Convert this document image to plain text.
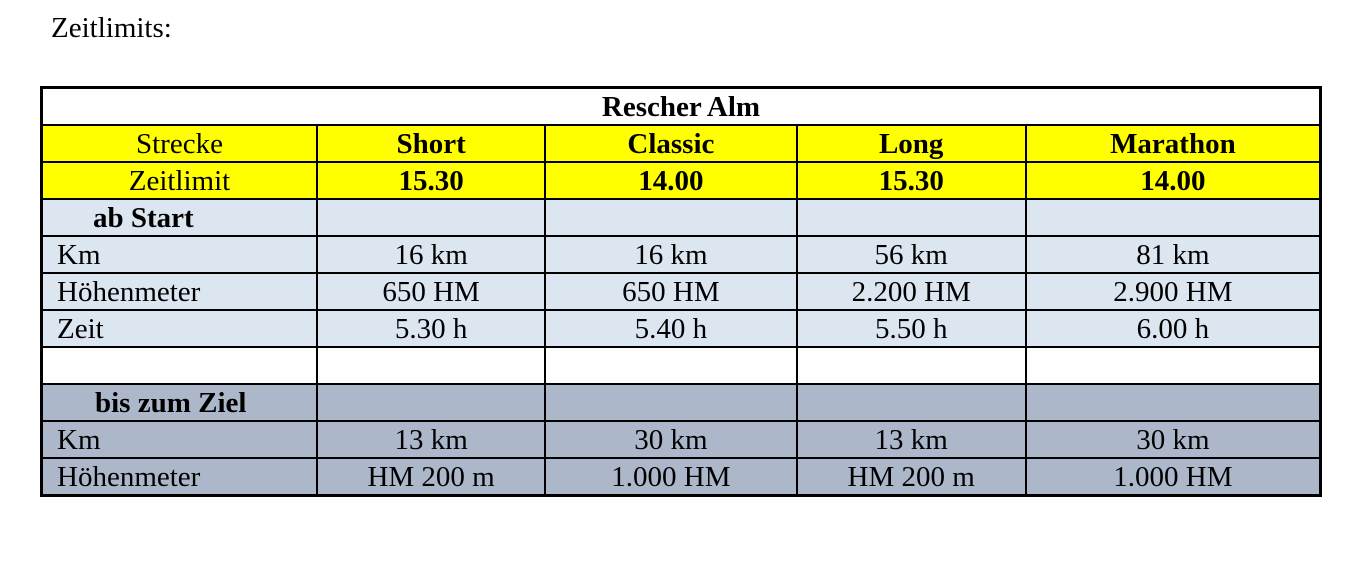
Zeitlimits:
Rescher Alm				
Strecke	Short	Classic	Long	Marathon
Zeitlimit	15.30	14.00	15.30	14.00
ab Start				
Km	16 km	16 km	56 km	81 km
Höhenmeter	650 HM	650 HM	2.200 HM	2.900 HM
Zeit	5.30 h	5.40 h	5.50 h	6.00 h

bis zum Ziel				
Km	13 km	30 km	13 km	30 km
Höhenmeter	HM 200 m	1.000 HM	HM 200 m	1.000 HM
